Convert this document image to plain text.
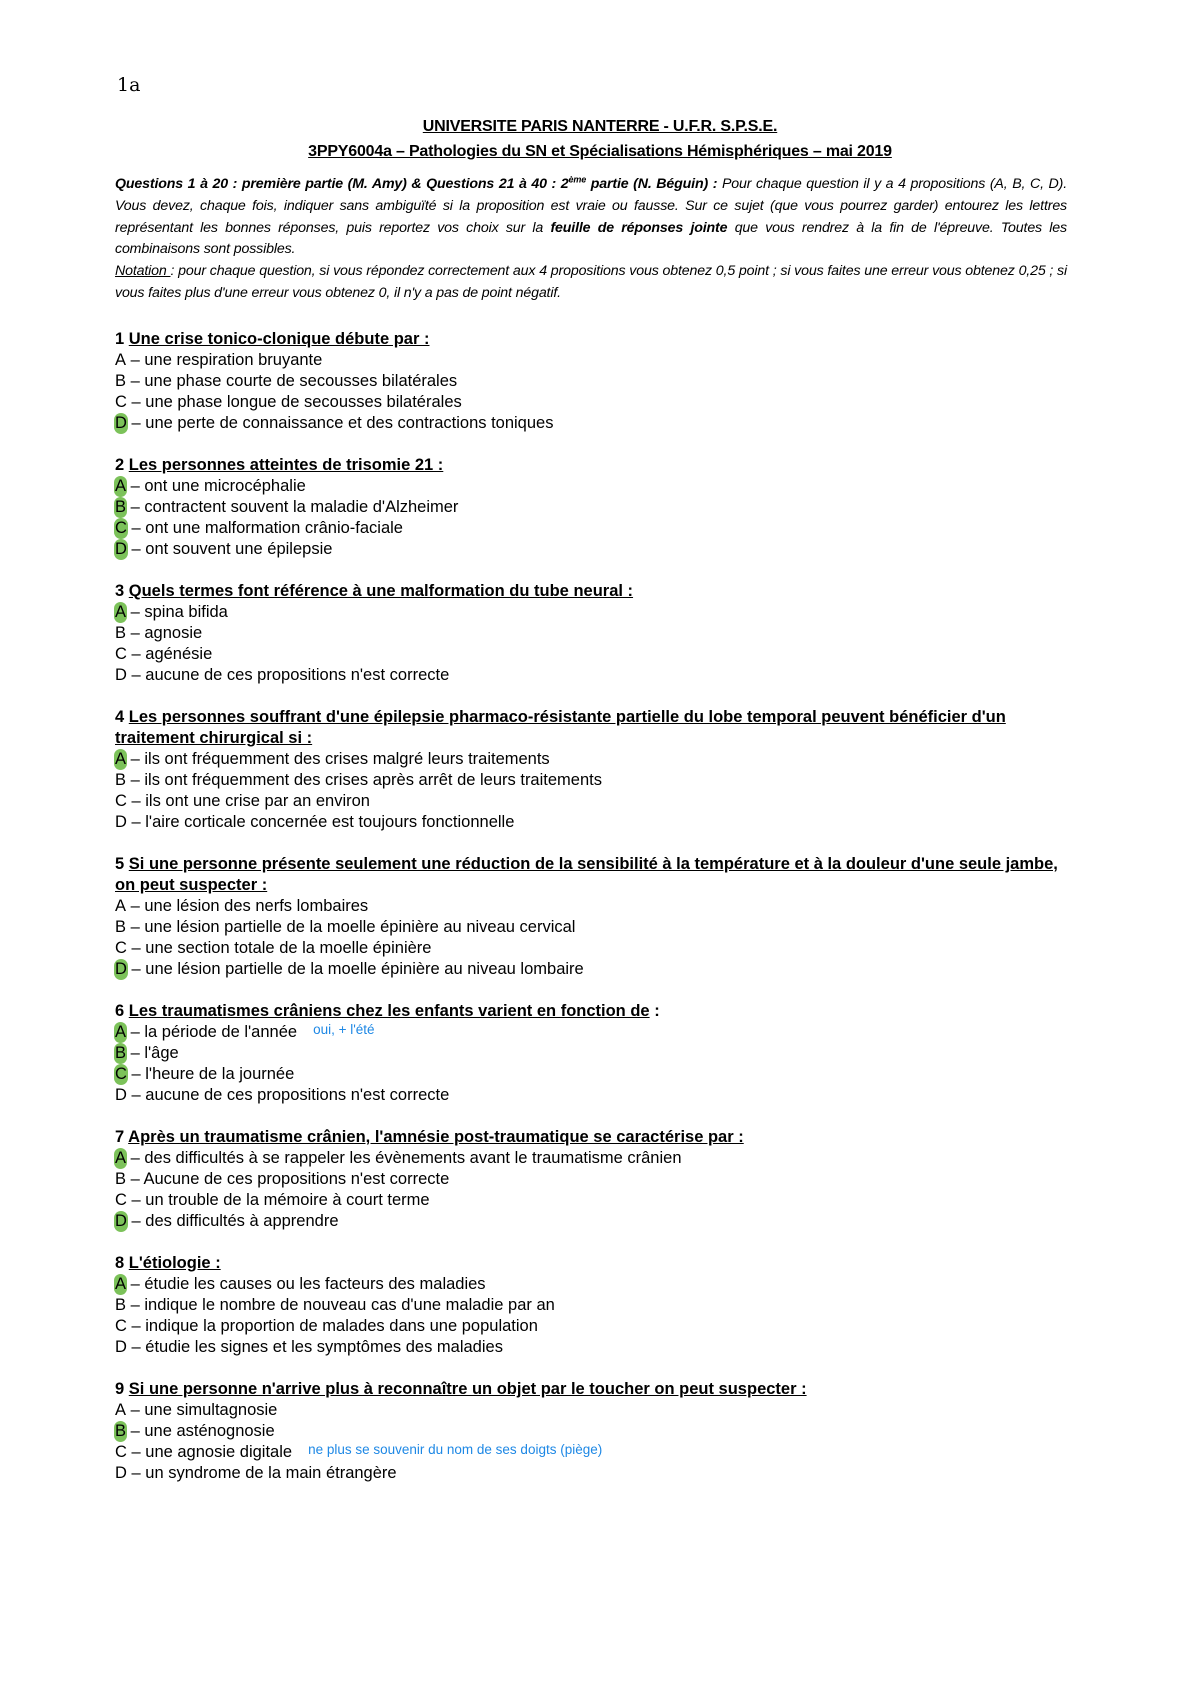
1a
UNIVERSITE PARIS NANTERRE - U.F.R. S.P.S.E.
3PPY6004a – Pathologies du SN et Spécialisations Hémisphériques – mai 2019
Questions 1 à 20 : première partie (M. Amy) & Questions 21 à 40 : 2ème partie (N. Béguin) : Pour chaque question il y a 4 propositions (A, B, C, D). Vous devez, chaque fois, indiquer sans ambiguïté si la proposition est vraie ou fausse. Sur ce sujet (que vous pourrez garder) entourez les lettres représentant les bonnes réponses, puis reportez vos choix sur la feuille de réponses jointe que vous rendrez à la fin de l'épreuve. Toutes les combinaisons sont possibles.
Notation : pour chaque question, si vous répondez correctement aux 4 propositions vous obtenez 0,5 point ; si vous faites une erreur vous obtenez 0,25 ; si vous faites plus d'une erreur vous obtenez 0, il n'y a pas de point négatif.
1 Une crise tonico-clonique débute par :
A – une respiration bruyante
B – une phase courte de secousses bilatérales
C – une phase longue de secousses bilatérales
D – une perte de connaissance et des contractions toniques
2 Les personnes atteintes de trisomie 21 :
A – ont une microcéphalie
B – contractent souvent la maladie d'Alzheimer
C – ont une malformation crânio-faciale
D – ont souvent une épilepsie
3 Quels termes font référence à une malformation du tube neural :
A – spina bifida
B – agnosie
C – agénésie
D – aucune de ces propositions n'est correcte
4 Les personnes souffrant d'une épilepsie pharmaco-résistante partielle du lobe temporal peuvent bénéficier d'un traitement chirurgical si :
A – ils ont fréquemment des crises malgré leurs traitements
B – ils ont fréquemment des crises après arrêt de leurs traitements
C – ils ont une crise par an environ
D – l'aire corticale concernée est toujours fonctionnelle
5 Si une personne présente seulement une réduction de la sensibilité à la température et à la douleur d'une seule jambe, on peut suspecter :
A – une lésion des nerfs lombaires
B – une lésion partielle de la moelle épinière au niveau cervical
C – une section totale de la moelle épinière
D – une lésion partielle de la moelle épinière au niveau lombaire
6 Les traumatismes crâniens chez les enfants varient en fonction de :
A – la période de l'année oui, + l'été
B – l'âge
C – l'heure de la journée
D – aucune de ces propositions n'est correcte
7 Après un traumatisme crânien, l'amnésie post-traumatique se caractérise par :
A – des difficultés à se rappeler les évènements avant le traumatisme crânien
B – Aucune de ces propositions n'est correcte
C – un trouble de la mémoire à court terme
D – des difficultés à apprendre
8 L'étiologie :
A – étudie les causes ou les facteurs des maladies
B – indique le nombre de nouveau cas d'une maladie par an
C – indique la proportion de malades dans une population
D – étudie les signes et les symptômes des maladies
9 Si une personne n'arrive plus à reconnaître un objet par le toucher on peut suspecter :
A – une simultagnosie
B – une asténognosie
C – une agnosie digitale ne plus se souvenir du nom de ses doigts (piège)
D – un syndrome de la main étrangère
